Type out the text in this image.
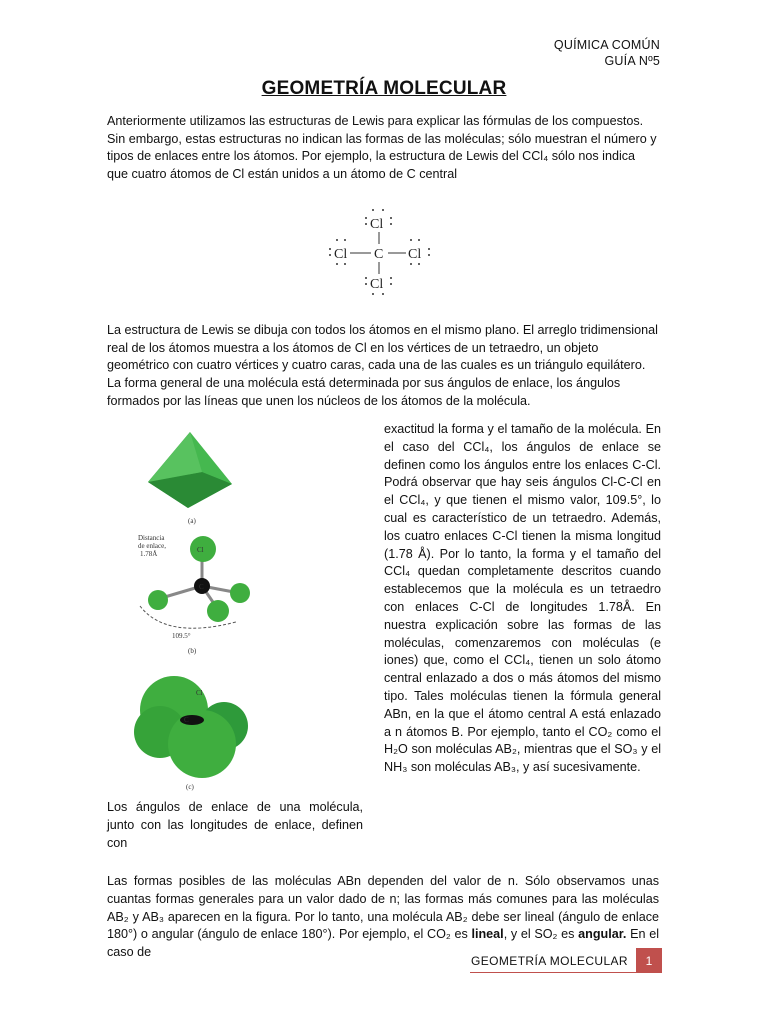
QUÍMICA COMÚN
GUÍA Nº5
GEOMETRÍA MOLECULAR
Anteriormente utilizamos las estructuras de Lewis para explicar las fórmulas de los compuestos. Sin embargo, estas estructuras no indican las formas de las moléculas; sólo muestran el número y tipos de enlaces entre los átomos. Por ejemplo, la estructura de Lewis del CCl₄ sólo nos indica que cuatro átomos de Cl están unidos a un átomo de C central
Cl
Cl C Cl
Cl
La estructura de Lewis se dibuja con todos los átomos en el mismo plano. El arreglo tridimensional real de los átomos muestra a los átomos de Cl en los vértices de un tetraedro, un objeto geométrico con cuatro vértices y cuatro caras, cada una de las cuales es un triángulo equilátero. La forma general de una molécula está determinada por sus ángulos de enlace, los ángulos formados por las líneas que unen los núcleos de los átomos de la molécula.
(a)
Distancia
de enlace,
1.78Å	Cl
C
109.5°
(b)
Cl
C
(c)
exactitud la forma y el tamaño de la molécula. En el caso del CCl₄, los ángulos de enlace se definen como los ángulos entre los enlaces C-Cl. Podrá observar que hay seis ángulos Cl-C-Cl en el CCl₄, y que tienen el mismo valor, 109.5°, lo cual es característico de un tetraedro. Además, los cuatro enlaces C-Cl tienen la misma longitud (1.78 Å). Por lo tanto, la forma y el tamaño del CCl₄ quedan completamente descritos cuando establecemos que la molécula es un tetraedro con enlaces C-Cl de longitudes 1.78Å. En nuestra explicación sobre las formas de las moléculas, comenzaremos con moléculas (e iones) que, como el CCl₄, tienen un solo átomo central enlazado a dos o más átomos del mismo tipo. Tales moléculas tienen la fórmula general ABn, en la que el átomo central A está enlazado a n átomos B. Por ejemplo, tanto el CO₂ como el H₂O son moléculas AB₂, mientras que el SO₃ y el NH₃ son moléculas AB₃, y así sucesivamente.
Los ángulos de enlace de una molécula, junto con las longitudes de enlace, definen con
Las formas posibles de las moléculas ABn dependen del valor de n. Sólo observamos unas cuantas formas generales para un valor dado de n; las formas más comunes para las moléculas AB₂ y AB₃ aparecen en la figura. Por lo tanto, una molécula AB₂ debe ser lineal (ángulo de enlace 180°) o angular (ángulo de enlace 180°). Por ejemplo, el CO₂ es lineal, y el SO₂ es angular. En el caso de
GEOMETRÍA MOLECULAR	1
